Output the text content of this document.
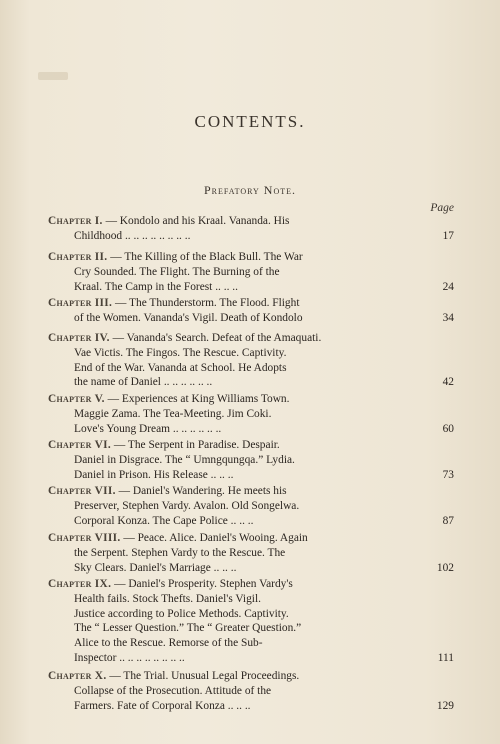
CONTENTS.
Prefatory Note.
Page
Chapter I. — Kondolo and his Kraal. Vananda. His
Childhood .. .. .. .. .. .. .. ..	17
Chapter II. — The Killing of the Black Bull. The War
Cry Sounded. The Flight. The Burning of the
Kraal. The Camp in the Forest .. .. ..	24
Chapter III. — The Thunderstorm. The Flood. Flight
of the Women. Vananda's Vigil. Death of Kondolo	34
Chapter IV. — Vananda's Search. Defeat of the Amaquati.
Vae Victis. The Fingos. The Rescue. Captivity.
End of the War. Vananda at School. He Adopts
the name of Daniel .. .. .. .. .. ..	42
Chapter V. — Experiences at King Williams Town.
Maggie Zama. The Tea-Meeting. Jim Coki.
Love's Young Dream .. .. .. .. .. ..	60
Chapter VI. — The Serpent in Paradise. Despair.
Daniel in Disgrace. The “ Umngqungqa.” Lydia.
Daniel in Prison. His Release .. .. ..	73
Chapter VII. — Daniel's Wandering. He meets his
Preserver, Stephen Vardy. Avalon. Old Songelwa.
Corporal Konza. The Cape Police .. .. ..	87
Chapter VIII. — Peace. Alice. Daniel's Wooing. Again
the Serpent. Stephen Vardy to the Rescue. The
Sky Clears. Daniel's Marriage .. .. ..	102
Chapter IX. — Daniel's Prosperity. Stephen Vardy's
Health fails. Stock Thefts. Daniel's Vigil.
Justice according to Police Methods. Captivity.
The “ Lesser Question.” The “ Greater Question.”
Alice to the Rescue. Remorse of the Sub-
Inspector .. .. .. .. .. .. .. ..	111
Chapter X. — The Trial. Unusual Legal Proceedings.
Collapse of the Prosecution. Attitude of the
Farmers. Fate of Corporal Konza .. .. ..	129
